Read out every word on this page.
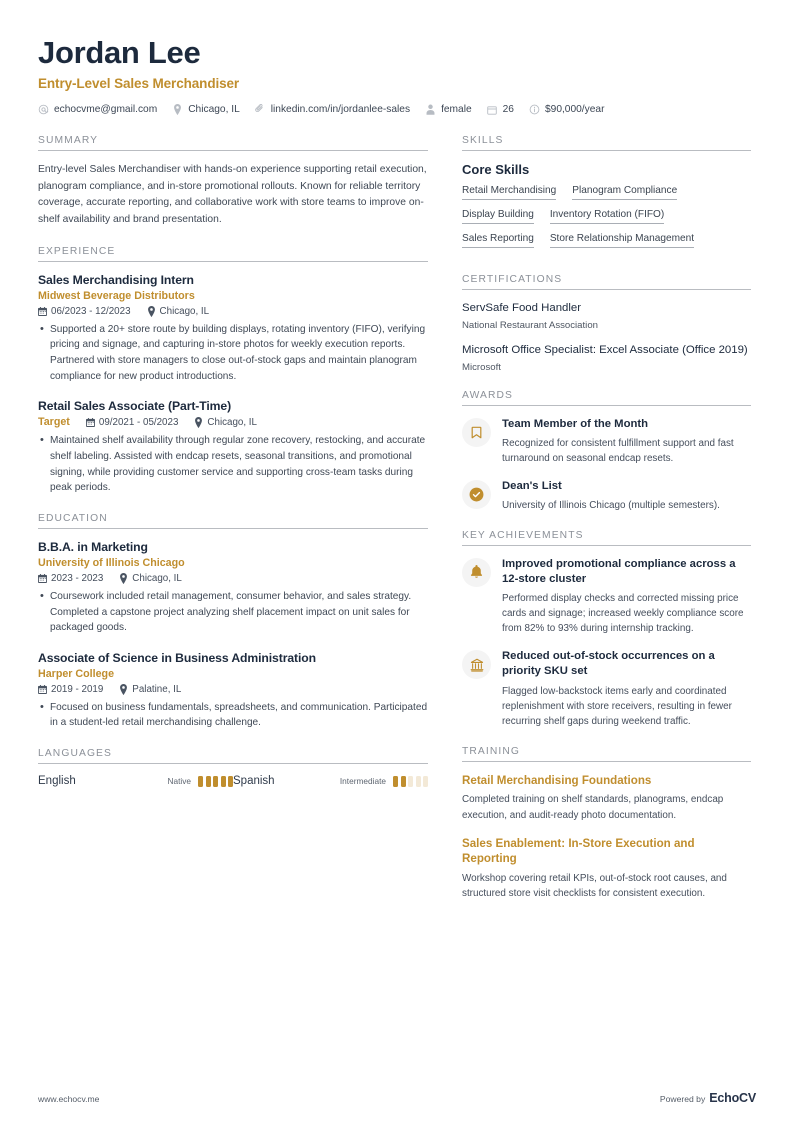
Jordan Lee
Entry-Level Sales Merchandiser
echocvme@gmail.com	Chicago, IL	linkedin.com/in/jordanlee-sales	female	26	$90,000/year
SUMMARY
Entry-level Sales Merchandiser with hands-on experience supporting retail execution, planogram compliance, and in-store promotional rollouts. Known for reliable territory coverage, accurate reporting, and collaborative work with store teams to improve on-shelf availability and brand presentation.
EXPERIENCE
Sales Merchandising Intern
Midwest Beverage Distributors
06/2023 - 12/2023	Chicago, IL
• Supported a 20+ store route by building displays, rotating inventory (FIFO), verifying pricing and signage, and capturing in-store photos for weekly execution reports. Partnered with store managers to close out-of-stock gaps and maintain planogram compliance for new product introductions.
Retail Sales Associate (Part-Time)
Target	09/2021 - 05/2023	Chicago, IL
• Maintained shelf availability through regular zone recovery, restocking, and accurate shelf labeling. Assisted with endcap resets, seasonal transitions, and promotional signing, while providing customer service and supporting cross-team tasks during peak periods.
EDUCATION
B.B.A. in Marketing
University of Illinois Chicago
2023 - 2023	Chicago, IL
• Coursework included retail management, consumer behavior, and sales strategy. Completed a capstone project analyzing shelf placement impact on unit sales for packaged goods.
Associate of Science in Business Administration
Harper College
2019 - 2019	Palatine, IL
• Focused on business fundamentals, spreadsheets, and communication. Participated in a student-led retail merchandising challenge.
LANGUAGES
English	Native	Spanish	Intermediate
SKILLS
Core Skills
Retail Merchandising Planogram Compliance
Display Building Inventory Rotation (FIFO)
Sales Reporting Store Relationship Management
CERTIFICATIONS
ServSafe Food Handler
National Restaurant Association
Microsoft Office Specialist: Excel Associate (Office 2019)
Microsoft
AWARDS
Team Member of the Month
Recognized for consistent fulfillment support and fast turnaround on seasonal endcap resets.
Dean's List
University of Illinois Chicago (multiple semesters).
KEY ACHIEVEMENTS
Improved promotional compliance across a 12-store cluster
Performed display checks and corrected missing price cards and signage; increased weekly compliance score from 82% to 93% during internship tracking.
Reduced out-of-stock occurrences on a priority SKU set
Flagged low-backstock items early and coordinated replenishment with store receivers, resulting in fewer recurring shelf gaps during weekend traffic.
TRAINING
Retail Merchandising Foundations
Completed training on shelf standards, planograms, endcap execution, and audit-ready photo documentation.
Sales Enablement: In-Store Execution and Reporting
Workshop covering retail KPIs, out-of-stock root causes, and structured store visit checklists for consistent execution.
www.echocv.me	Powered by EchoCV
